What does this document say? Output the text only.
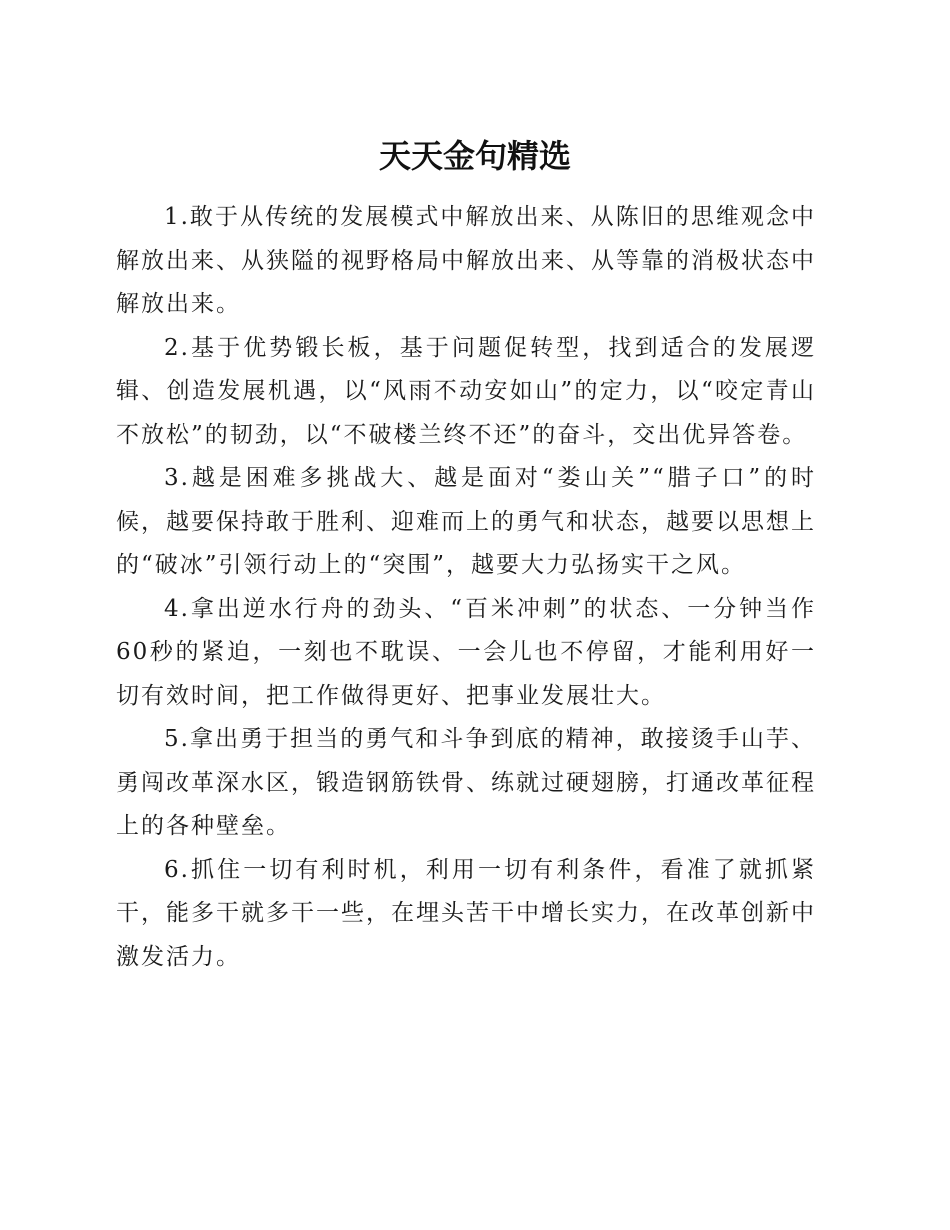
天天金句精选

1.敢于从传统的发展模式中解放出来、从陈旧的思维观念中解放出来、从狭隘的视野格局中解放出来、从等靠的消极状态中解放出来。

2.基于优势锻长板，基于问题促转型，找到适合的发展逻辑、创造发展机遇，以“风雨不动安如山”的定力，以“咬定青山不放松”的韧劲，以“不破楼兰终不还”的奋斗，交出优异答卷。

3.越是困难多挑战大、越是面对“娄山关”“腊子口”的时候，越要保持敢于胜利、迎难而上的勇气和状态，越要以思想上的“破冰”引领行动上的“突围”，越要大力弘扬实干之风。

4.拿出逆水行舟的劲头、“百米冲刺”的状态、一分钟当作60秒的紧迫，一刻也不耽误、一会儿也不停留，才能利用好一切有效时间，把工作做得更好、把事业发展壮大。

5.拿出勇于担当的勇气和斗争到底的精神，敢接烫手山芋、勇闯改革深水区，锻造钢筋铁骨、练就过硬翅膀，打通改革征程上的各种壁垒。

6.抓住一切有利时机，利用一切有利条件，看准了就抓紧干，能多干就多干一些，在埋头苦干中增长实力，在改革创新中激发活力。
